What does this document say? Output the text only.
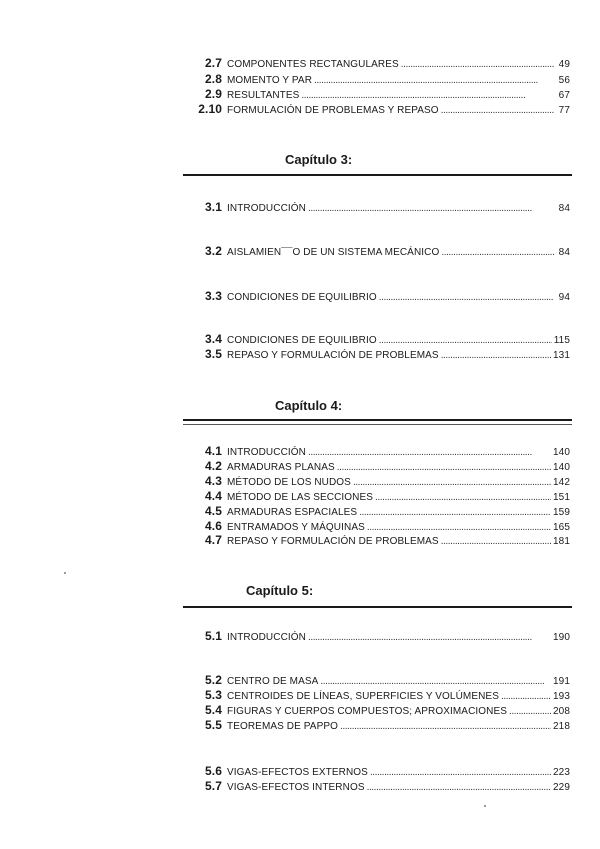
2.7 COMPONENTES RECTANGULARES . . .	49
2.8 MOMENTO Y PAR . . .	56
2.9 RESULTANTES . . .	67
2.10 FORMULACIÓN DE PROBLEMAS Y REPASO . . .	77
Capítulo 3:
3.1 INTRODUCCIÓN . . .	84
3.2 AISLAMIEN¯¯O DE UN SISTEMA MECÁNICO . . .	84
3.3 CONDICIONES DE EQUILIBRIO . . .	94
3.4 CONDICIONES DE EQUILIBRIO . . .	115
3.5 REPASO Y FORMULACIÓN DE PROBLEMAS . . .	131
Capítulo 4:
4.1 INTRODUCCIÓN . . .	140
4.2 ARMADURAS PLANAS . . .	140
4.3 MÉTODO DE LOS NUDOS . . .	142
4.4 MÉTODO DE LAS SECCIONES . . .	151
4.5 ARMADURAS ESPACIALES . . .	159
4.6 ENTRAMADOS Y MÁQUINAS . . .	165
4.7 REPASO Y FORMULACIÓN DE PROBLEMAS . . .	181
Capítulo 5:
5.1 INTRODUCCIÓN . . .	190
5.2 CENTRO DE MASA . . .	191
5.3 CENTROIDES DE LÍNEAS, SUPERFICIES Y VOLÚMENES . . .	193
5.4 FIGURAS Y CUERPOS COMPUESTOS; APROXIMACIONES . . .	208
5.5 TEOREMAS DE PAPPO . . .	218
5.6 VIGAS-EFECTOS EXTERNOS . . .	223
5.7 VIGAS-EFECTOS INTERNOS . . .	229
